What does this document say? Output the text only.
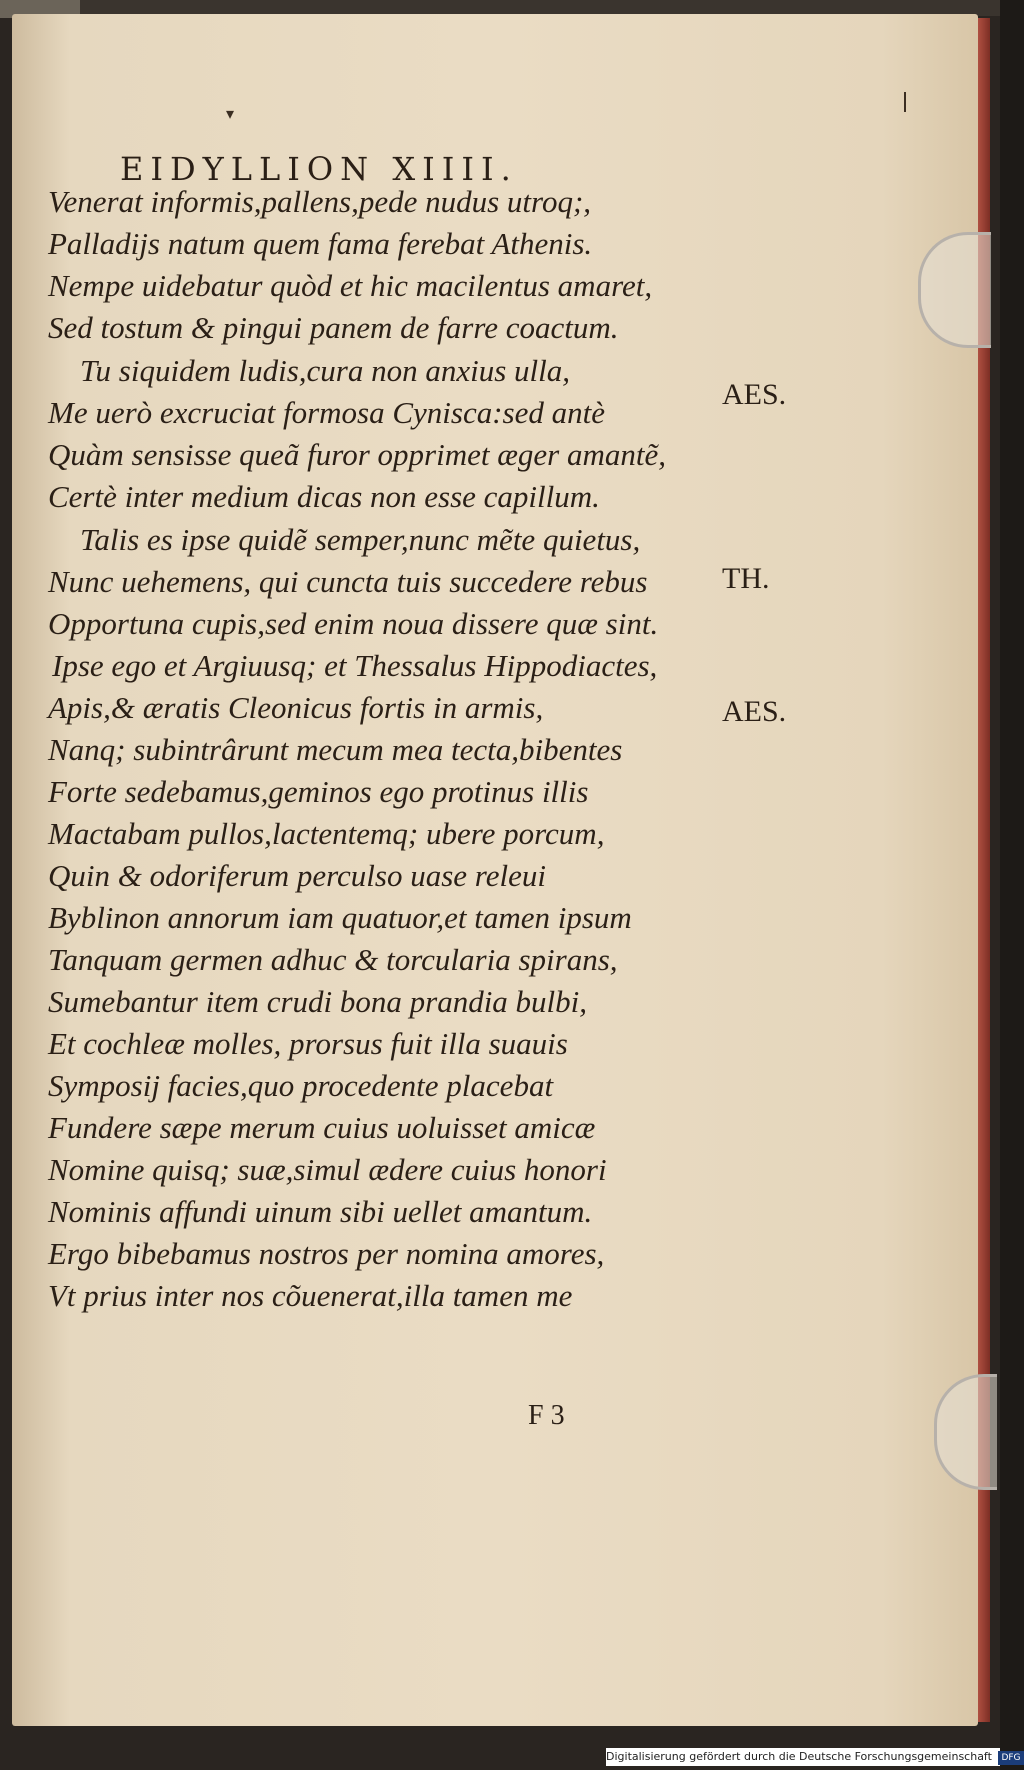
▾
EIDYLLION XIIII.
Venerat informis,pallens,pede nudus utroq;,
Palladijs natum quem fama ferebat Athenis.
Nempe uidebatur quòd et hic macilentus amaret,
Sed tostum & pingui panem de farre coactum.
Tu siquidem ludis,cura non anxius ulla,
Me uerò excruciat formosa Cynisca:sed antè
Quàm sensisse queã furor opprimet æger amantẽ,
Certè inter medium dicas non esse capillum.
Talis es ipse quidẽ semper,nunc mẽte quietus,
Nunc uehemens, qui cuncta tuis succedere rebus
Opportuna cupis,sed enim noua dissere quæ sint.
Ipse ego et Argiuusq; et Thessalus Hippodiactes,
Apis,& æratis Cleonicus fortis in armis,
Nanq; subintrârunt mecum mea tecta,bibentes
Forte sedebamus,geminos ego protinus illis
Mactabam pullos,lactentemq; ubere porcum,
Quin & odoriferum perculso uase releui
Byblinon annorum iam quatuor,et tamen ipsum
Tanquam germen adhuc & torcularia spirans,
Sumebantur item crudi bona prandia bulbi,
Et cochleæ molles, prorsus fuit illa suauis
Symposij facies,quo procedente placebat
Fundere sæpe merum cuius uoluisset amicæ
Nomine quisq; suæ,simul ædere cuius honori
Nominis affundi uinum sibi uellet amantum.
Ergo bibebamus nostros per nomina amores,
Vt prius inter nos cõuenerat,illa tamen me
AES.
TH.
AES.
F 3
Digitalisierung gefördert durch die Deutsche Forschungsgemeinschaft DFG
